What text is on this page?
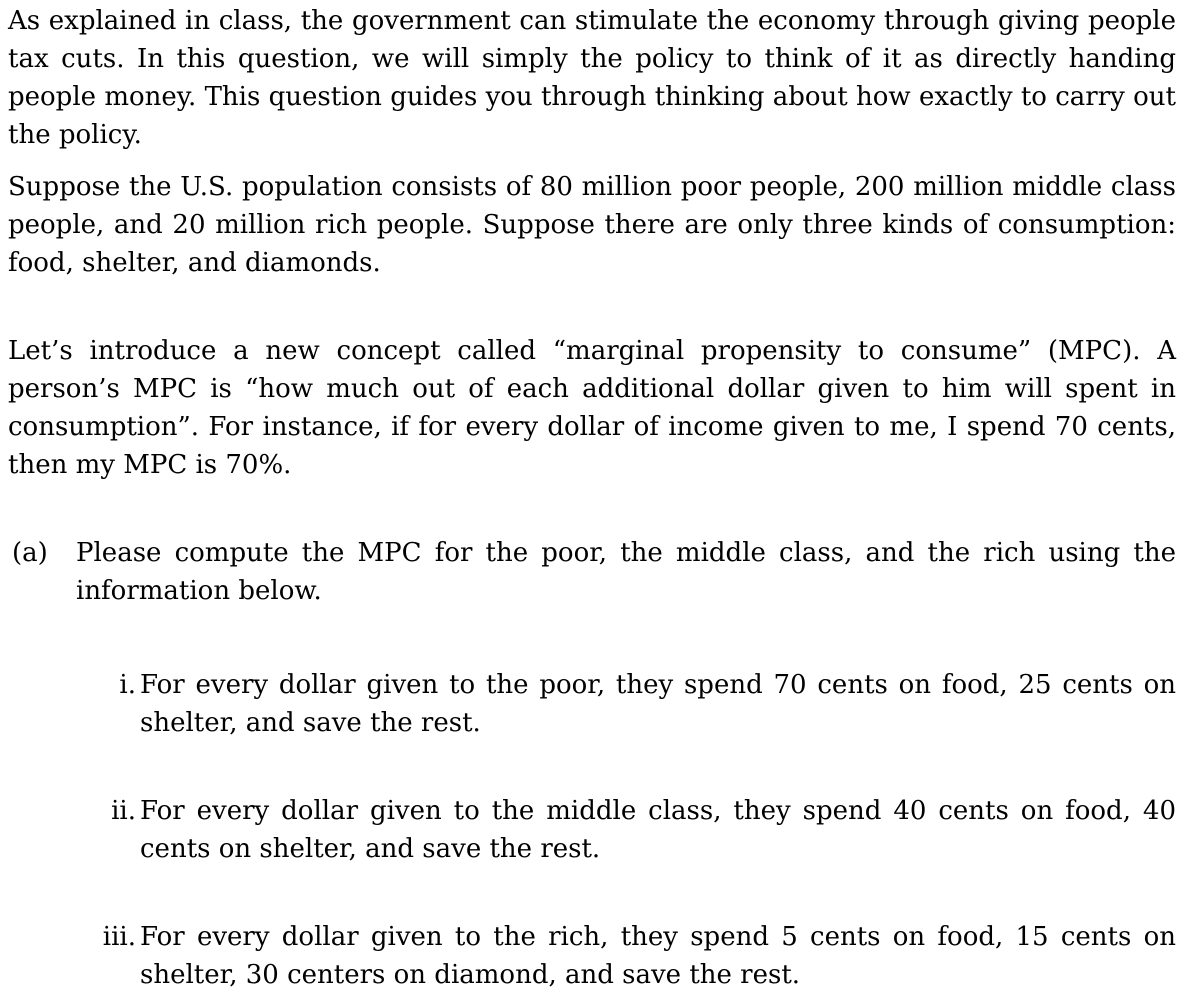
As explained in class, the government can stimulate the economy through giving people tax cuts. In this question, we will simply the policy to think of it as directly handing people money. This question guides you through thinking about how exactly to carry out the policy.

Suppose the U.S. population consists of 80 million poor people, 200 million middle class people, and 20 million rich people. Suppose there are only three kinds of consumption: food, shelter, and diamonds.

Let’s introduce a new concept called “marginal propensity to consume” (MPC). A person’s MPC is “how much out of each additional dollar given to him will spent in consumption”. For instance, if for every dollar of income given to me, I spend 70 cents, then my MPC is 70%.

(a) Please compute the MPC for the poor, the middle class, and the rich using the information below.

i. For every dollar given to the poor, they spend 70 cents on food, 25 cents on shelter, and save the rest.

ii. For every dollar given to the middle class, they spend 40 cents on food, 40 cents on shelter, and save the rest.

iii. For every dollar given to the rich, they spend 5 cents on food, 15 cents on shelter, 30 centers on diamond, and save the rest.
